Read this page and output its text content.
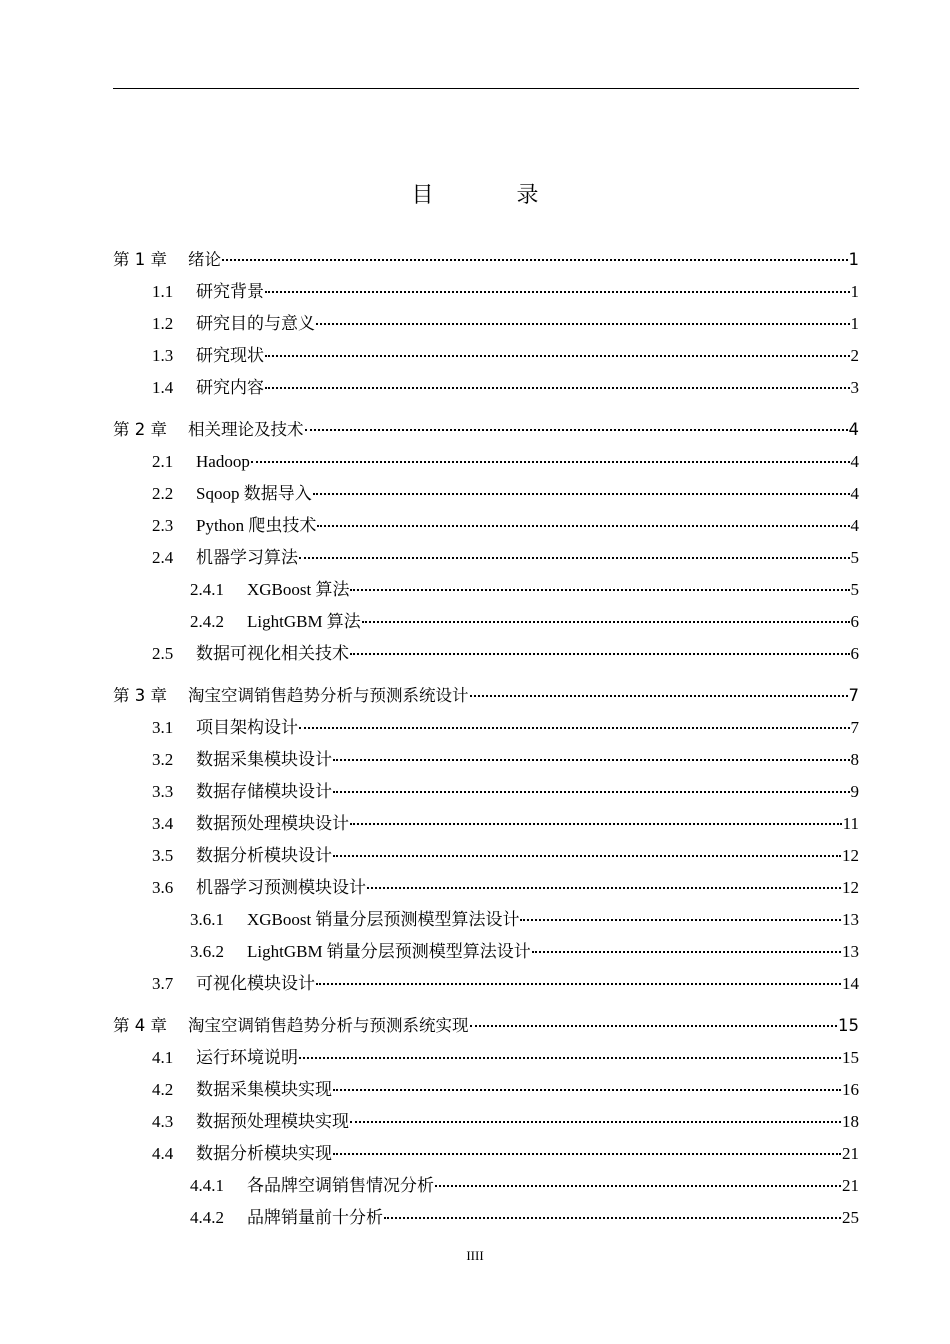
目 录
第 1 章	绪论	1
1.1	研究背景	1
1.2	研究目的与意义	1
1.3	研究现状	2
1.4	研究内容	3
第 2 章	相关理论及技术	4
2.1	Hadoop	4
2.2	Sqoop 数据导入	4
2.3	Python 爬虫技术	4
2.4	机器学习算法	5
2.4.1	XGBoost 算法	5
2.4.2	LightGBM 算法	6
2.5	数据可视化相关技术	6
第 3 章	淘宝空调销售趋势分析与预测系统设计	7
3.1	项目架构设计	7
3.2	数据采集模块设计	8
3.3	数据存储模块设计	9
3.4	数据预处理模块设计	11
3.5	数据分析模块设计	12
3.6	机器学习预测模块设计	12
3.6.1	XGBoost 销量分层预测模型算法设计	13
3.6.2	LightGBM 销量分层预测模型算法设计	13
3.7	可视化模块设计	14
第 4 章	淘宝空调销售趋势分析与预测系统实现	15
4.1	运行环境说明	15
4.2	数据采集模块实现	16
4.3	数据预处理模块实现	18
4.4	数据分析模块实现	21
4.4.1	各品牌空调销售情况分析	21
4.4.2	品牌销量前十分析	25
IIII
